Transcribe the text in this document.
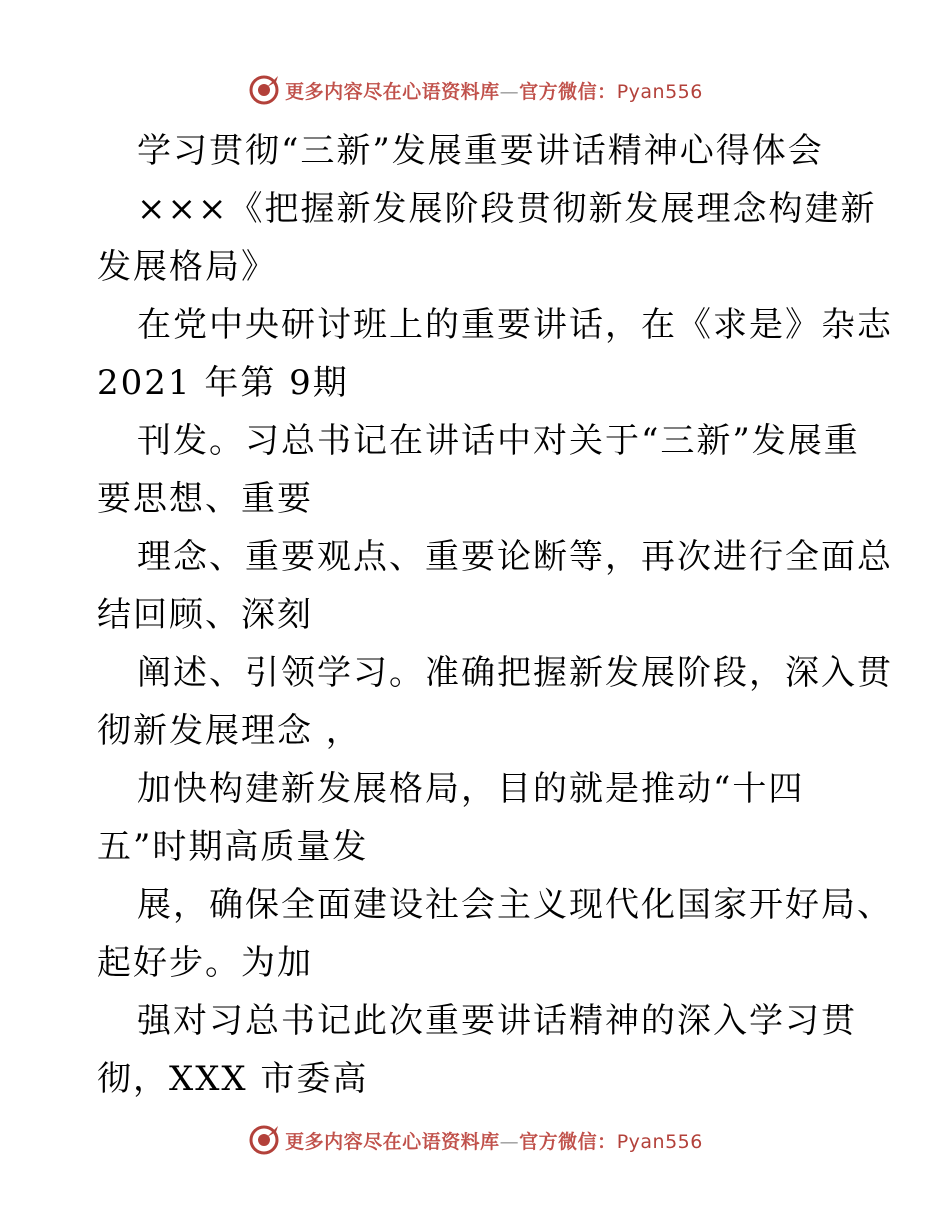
更多内容尽在心语资料库—官方微信：Pyan556
学习贯彻“三新”发展重要讲话精神心得体会
×××《把握新发展阶段贯彻新发展理念构建新
发展格局》
在党中央研讨班上的重要讲话，在《求是》杂志
2021 年第 9期
刊发。习总书记在讲话中对关于“三新”发展重
要思想、重要
理念、重要观点、重要论断等，再次进行全面总
结回顾、深刻
阐述、引领学习。准确把握新发展阶段，深入贯
彻新发展理念 ，
加快构建新发展格局，目的就是推动“十四
五”时期高质量发
展，确保全面建设社会主义现代化国家开好局、
起好步。为加
强对习总书记此次重要讲话精神的深入学习贯
彻，XXX 市委高
更多内容尽在心语资料库—官方微信：Pyan556
